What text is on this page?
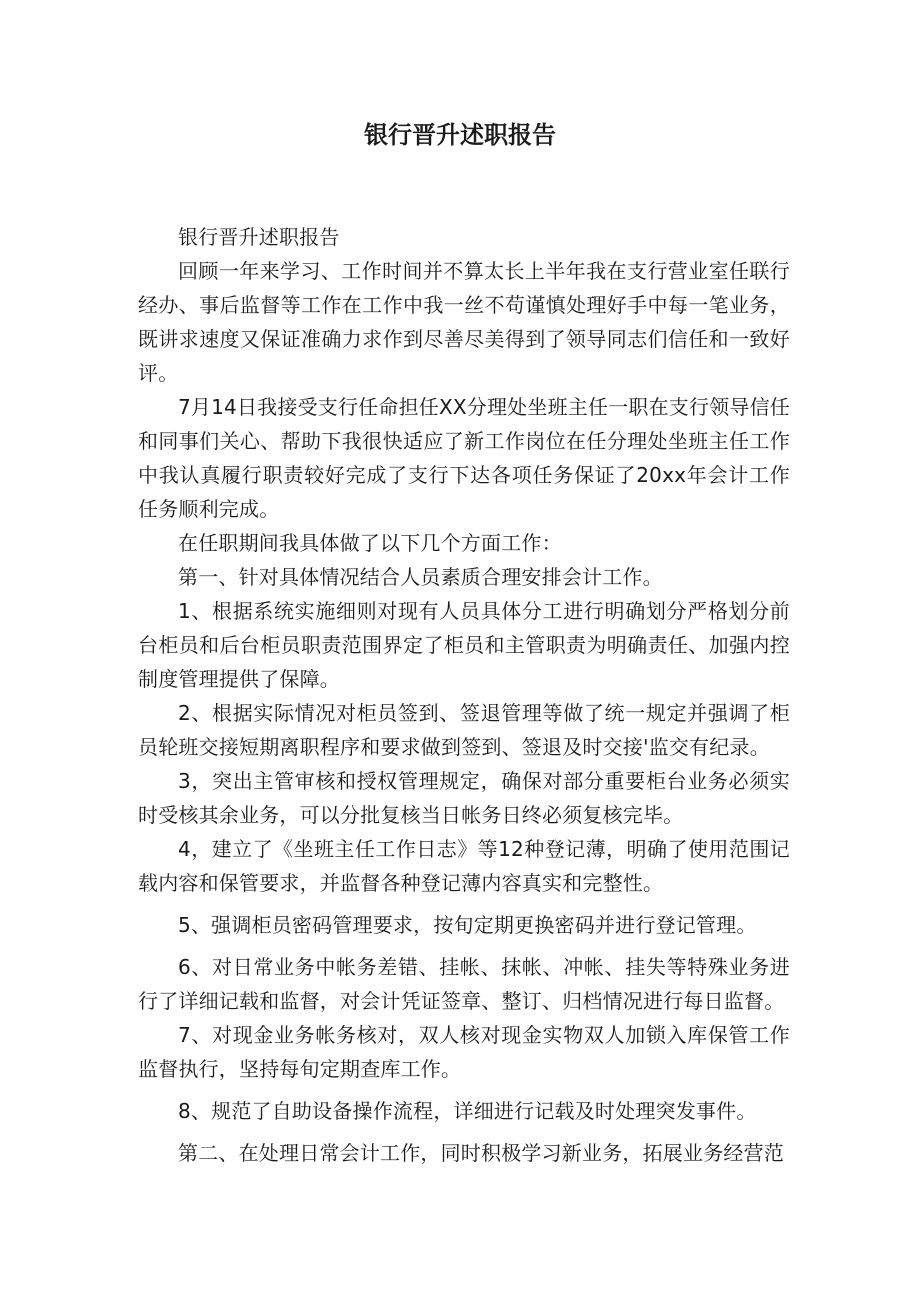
银行晋升述职报告

银行晋升述职报告

回顾一年来学习、工作时间并不算太长上半年我在支行营业室任联行经办、事后监督等工作在工作中我一丝不苟谨慎处理好手中每一笔业务，既讲求速度又保证准确力求作到尽善尽美得到了领导同志们信任和一致好评。

7月14日我接受支行任命担任XX分理处坐班主任一职在支行领导信任和同事们关心、帮助下我很快适应了新工作岗位在任分理处坐班主任工作中我认真履行职责较好完成了支行下达各项任务保证了20xx年会计工作任务顺利完成。

在任职期间我具体做了以下几个方面工作：

第一、针对具体情况结合人员素质合理安排会计工作。

1、根据系统实施细则对现有人员具体分工进行明确划分严格划分前台柜员和后台柜员职责范围界定了柜员和主管职责为明确责任、加强内控制度管理提供了保障。

2、根据实际情况对柜员签到、签退管理等做了统一规定并强调了柜员轮班交接短期离职程序和要求做到签到、签退及时交接'监交有纪录。

3，突出主管审核和授权管理规定，确保对部分重要柜台业务必须实时受核其余业务，可以分批复核当日帐务日终必须复核完毕。

4，建立了《坐班主任工作日志》等12种登记薄，明确了使用范围记载内容和保管要求，并监督各种登记薄内容真实和完整性。

5、强调柜员密码管理要求，按旬定期更换密码并进行登记管理。

6、对日常业务中帐务差错、挂帐、抹帐、冲帐、挂失等特殊业务进行了详细记载和监督，对会计凭证签章、整订、归档情况进行每日监督。

7、对现金业务帐务核对，双人核对现金实物双人加锁入库保管工作监督执行，坚持每旬定期查库工作。

8、规范了自助设备操作流程，详细进行记载及时处理突发事件。

第二、在处理日常会计工作，同时积极学习新业务，拓展业务经营范
